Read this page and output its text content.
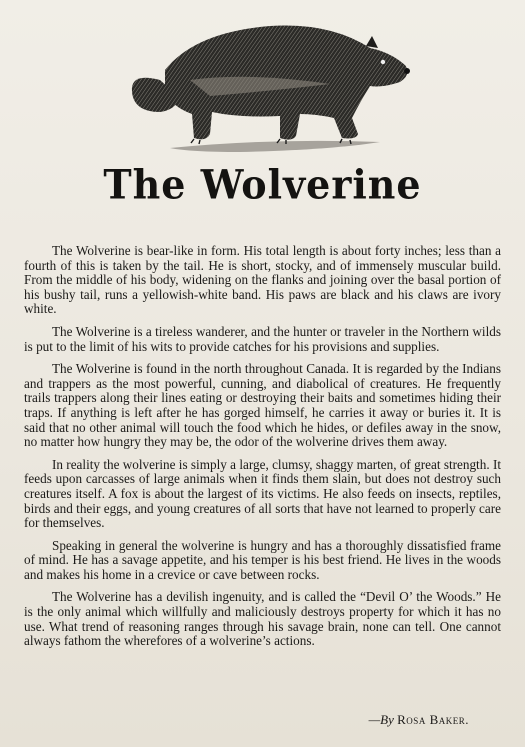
The Wolverine

The Wolverine is bear-like in form. His total length is about forty inches; less than a fourth of this is taken by the tail. He is short, stocky, and of immensely muscular build. From the middle of his body, widening on the flanks and joining over the basal portion of his bushy tail, runs a yellowish-white band. His paws are black and his claws are ivory white.

The Wolverine is a tireless wanderer, and the hunter or traveler in the Northern wilds is put to the limit of his wits to provide catches for his provisions and supplies.

The Wolverine is found in the north throughout Canada. It is regarded by the Indians and trappers as the most powerful, cunning, and diabolical of creatures. He frequently trails trappers along their lines eating or destroying their baits and sometimes hiding their traps. If anything is left after he has gorged himself, he carries it away or buries it. It is said that no other animal will touch the food which he hides, or defiles away in the snow, no matter how hungry they may be, the odor of the wolverine drives them away.

In reality the wolverine is simply a large, clumsy, shaggy marten, of great strength. It feeds upon carcasses of large animals when it finds them slain, but does not destroy such creatures itself. A fox is about the largest of its victims. He also feeds on insects, reptiles, birds and their eggs, and young creatures of all sorts that have not learned to properly care for themselves.

Speaking in general the wolverine is hungry and has a thoroughly dissatisfied frame of mind. He has a savage appetite, and his temper is his best friend. He lives in the woods and makes his home in a crevice or cave between rocks.

The Wolverine has a devilish ingenuity, and is called the “Devil O’ the Woods.” He is the only animal which willfully and maliciously destroys property for which it has no use. What trend of reasoning ranges through his savage brain, none can tell. One cannot always fathom the wherefores of a wolverine’s actions.

—By Rosa Baker.
